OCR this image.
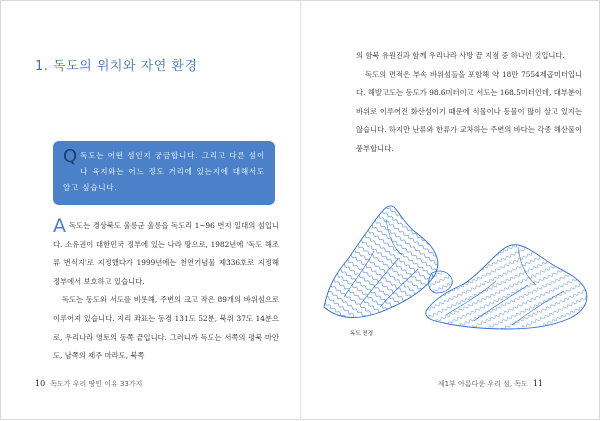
1. 독도의 위치와 자연 환경
Q 독도는 어떤 섬인지 궁금합니다. 그리고 다른 섬이나 육지와는 어느 정도 거리에 있는지에 대해서도 알고 싶습니다.
A 독도는 경상북도 울릉군 울릉읍 독도리 1~96 번지 일대의 섬입니다. 소유권이 대한민국 정부에 있는 나라 땅으로, 1982년에 '독도 해조류 번식지'로 지정했다가 1999년에는 천연기념물 제336호로 지정해 정부에서 보호하고 있습니다.

독도는 동도와 서도를 비롯해, 주변의 크고 작은 89개의 바위섬으로 이루어져 있습니다. 지리 좌표는 동경 131도 52분, 북위 37도 14분으로, 우리나라 영토의 동쪽 끝입니다. 그러니까 독도는 서쪽의 평북 마안도, 남쪽의 제주 마라도, 북쪽

10 독도가 우리 땅인 이유 33가지

의 함북 유원진과 함께 우리나라 사방 끝 지점 중 하나인 것입니다.

독도의 면적은 부속 바위섬들을 포함해 약 18만 7554제곱미터입니다. 해발고도는 동도가 98.6미터이고 서도는 168.5미터인데, 대부분이 바위로 이루어진 화산섬이기 때문에 식물이나 동물이 많이 살고 있지는 않습니다. 하지만 난류와 한류가 교차하는 주변의 바다는 각종 해산물이 풍부합니다.

독도 전경
제1부 아름다운 우리 섬, 독도 11
